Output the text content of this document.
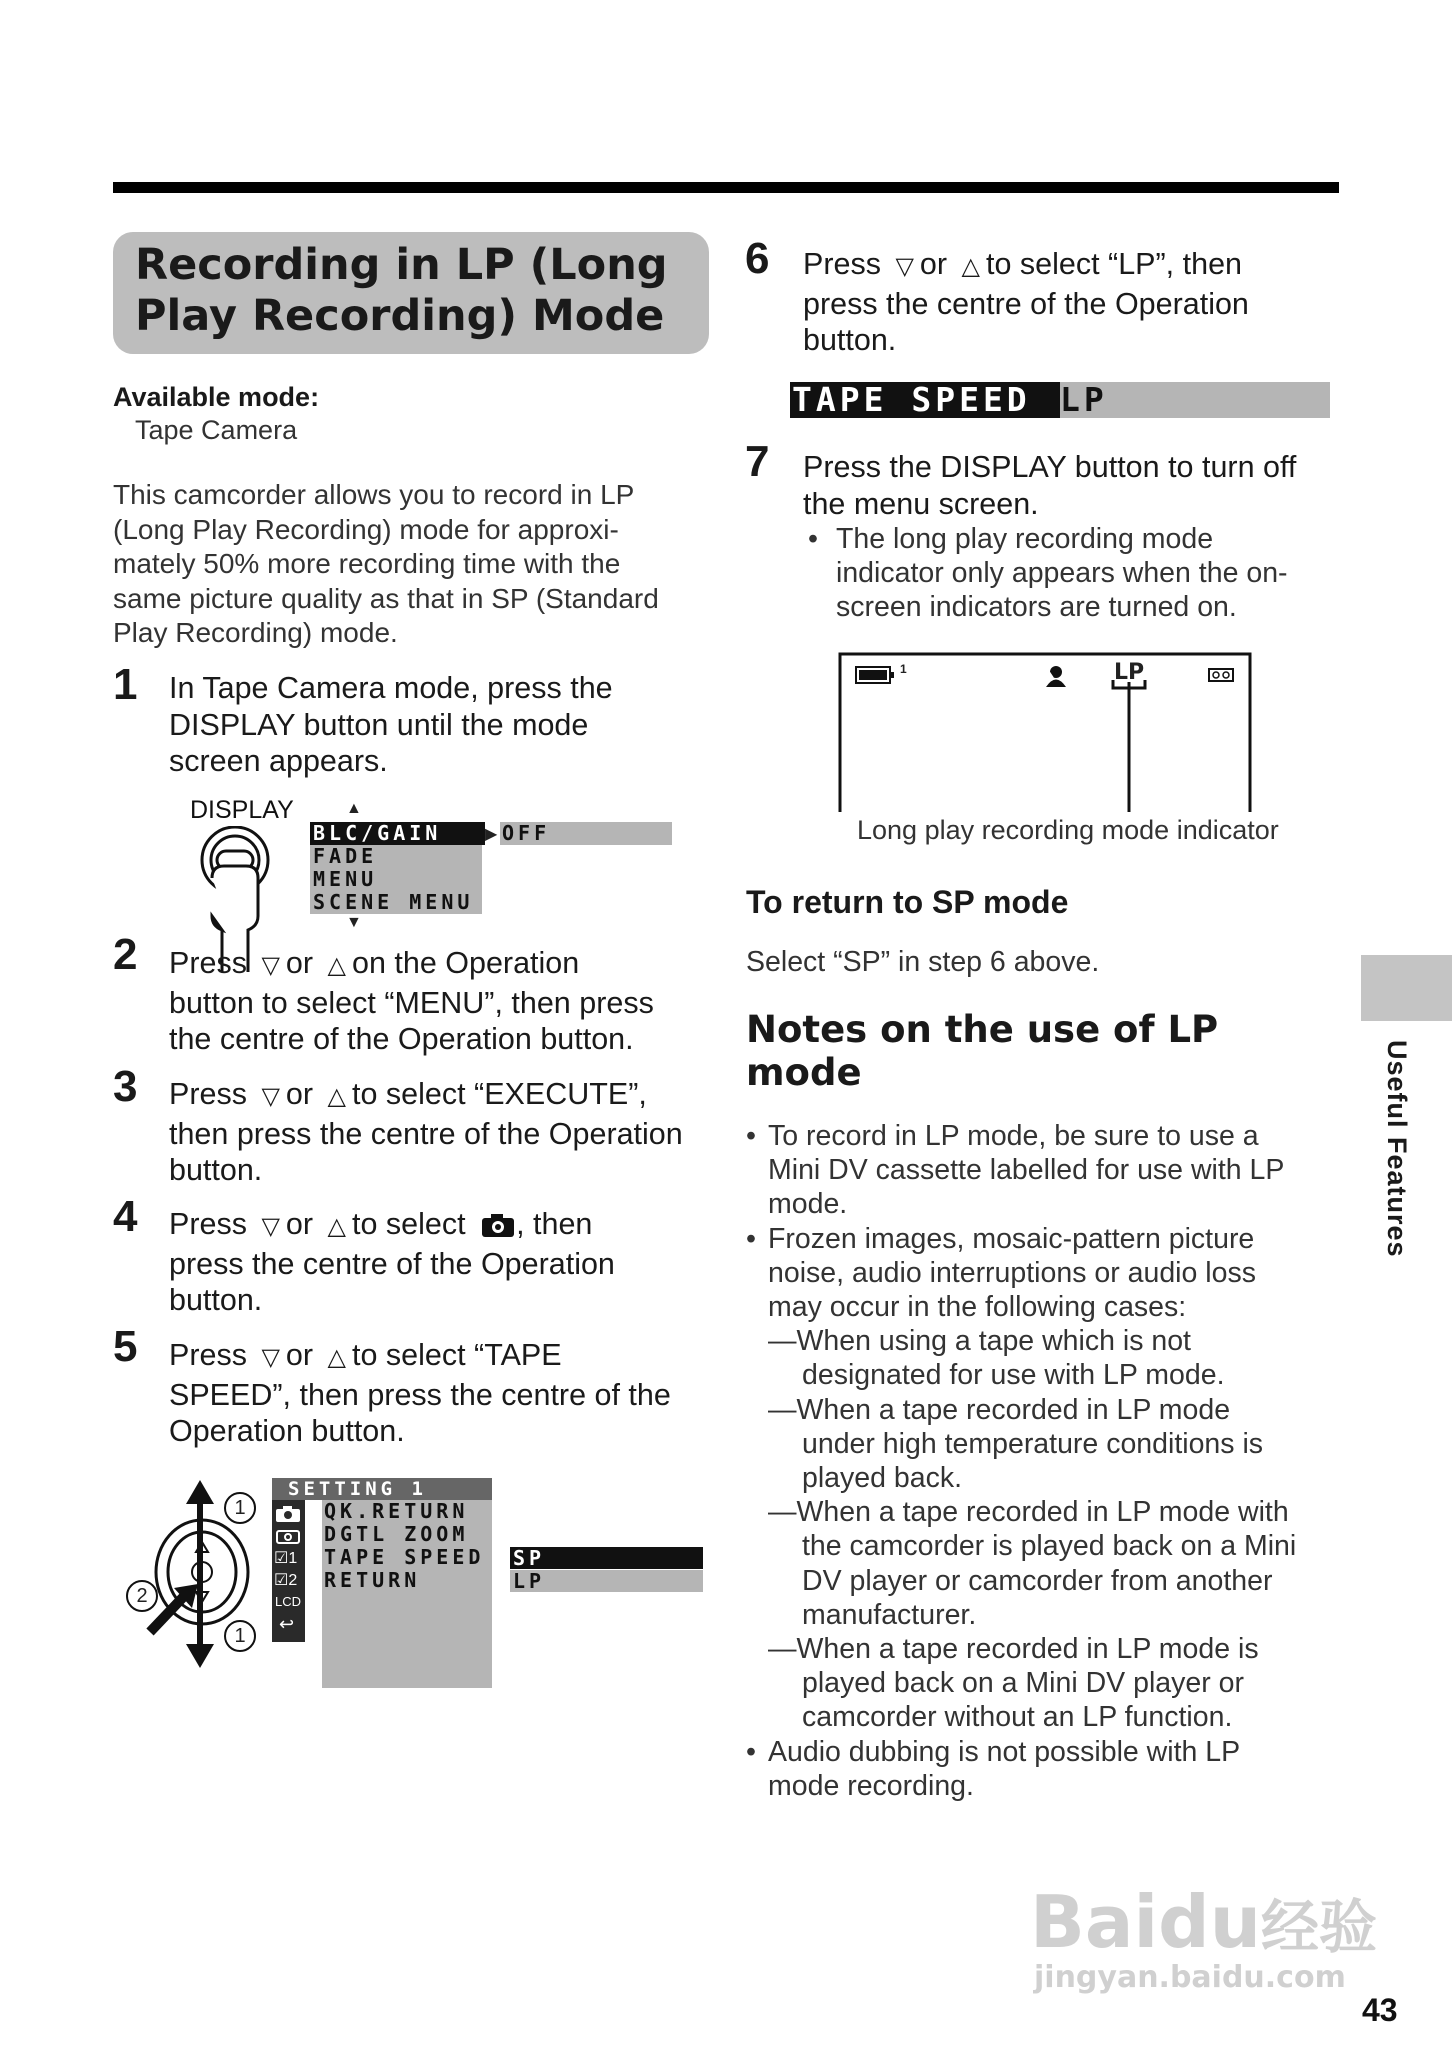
Recording in LP (Long
Play Recording) Mode
Available mode:
Tape Camera
This camcorder allows you to record in LP
(Long Play Recording) mode for approxi-
mately 50% more recording time with the
same picture quality as that in SP (Standard
Play Recording) mode.
1 In Tape Camera mode, press the
DISPLAY button until the mode
screen appears.
DISPLAY	▲
BLC/GAIN
FADE
MENU
SCENE MENU
▼
▶ OFF
2 Press ▽ or △ on the Operation
button to select “MENU”, then press
the centre of the Operation button.
3 Press ▽ or △ to select “EXECUTE”,
then press the centre of the Operation
button.
4 Press ▽ or △ to select , then
press the centre of the Operation
button.
5 Press ▽ or △ to select “TAPE
SPEED”, then press the centre of the
Operation button.
1
2
1
☑1
☑2
LCD
↩
SETTING 1
QK.RETURN
DGTL ZOOM
TAPE SPEED
RETURN
SP
LP
6 Press ▽ or △ to select “LP”, then
press the centre of the Operation
button.
TAPE SPEED LP
7 Press the DISPLAY button to turn off
the menu screen.
• The long play recording mode
indicator only appears when the on-
screen indicators are turned on.
1	LP
Long play recording mode indicator
To return to SP mode
Select “SP” in step 6 above.
Notes on the use of LP
mode
• To record in LP mode, be sure to use a
Mini DV cassette labelled for use with LP
mode.
• Frozen images, mosaic-pattern picture
noise, audio interruptions or audio loss
may occur in the following cases:
—When using a tape which is not
designated for use with LP mode.
—When a tape recorded in LP mode
under high temperature conditions is
played back.
—When a tape recorded in LP mode with
the camcorder is played back on a Mini
DV player or camcorder from another
manufacturer.
—When a tape recorded in LP mode is
played back on a Mini DV player or
camcorder without an LP function.
• Audio dubbing is not possible with LP
mode recording.
Useful Features
Baidu经验
jingyan.baidu.com
43
